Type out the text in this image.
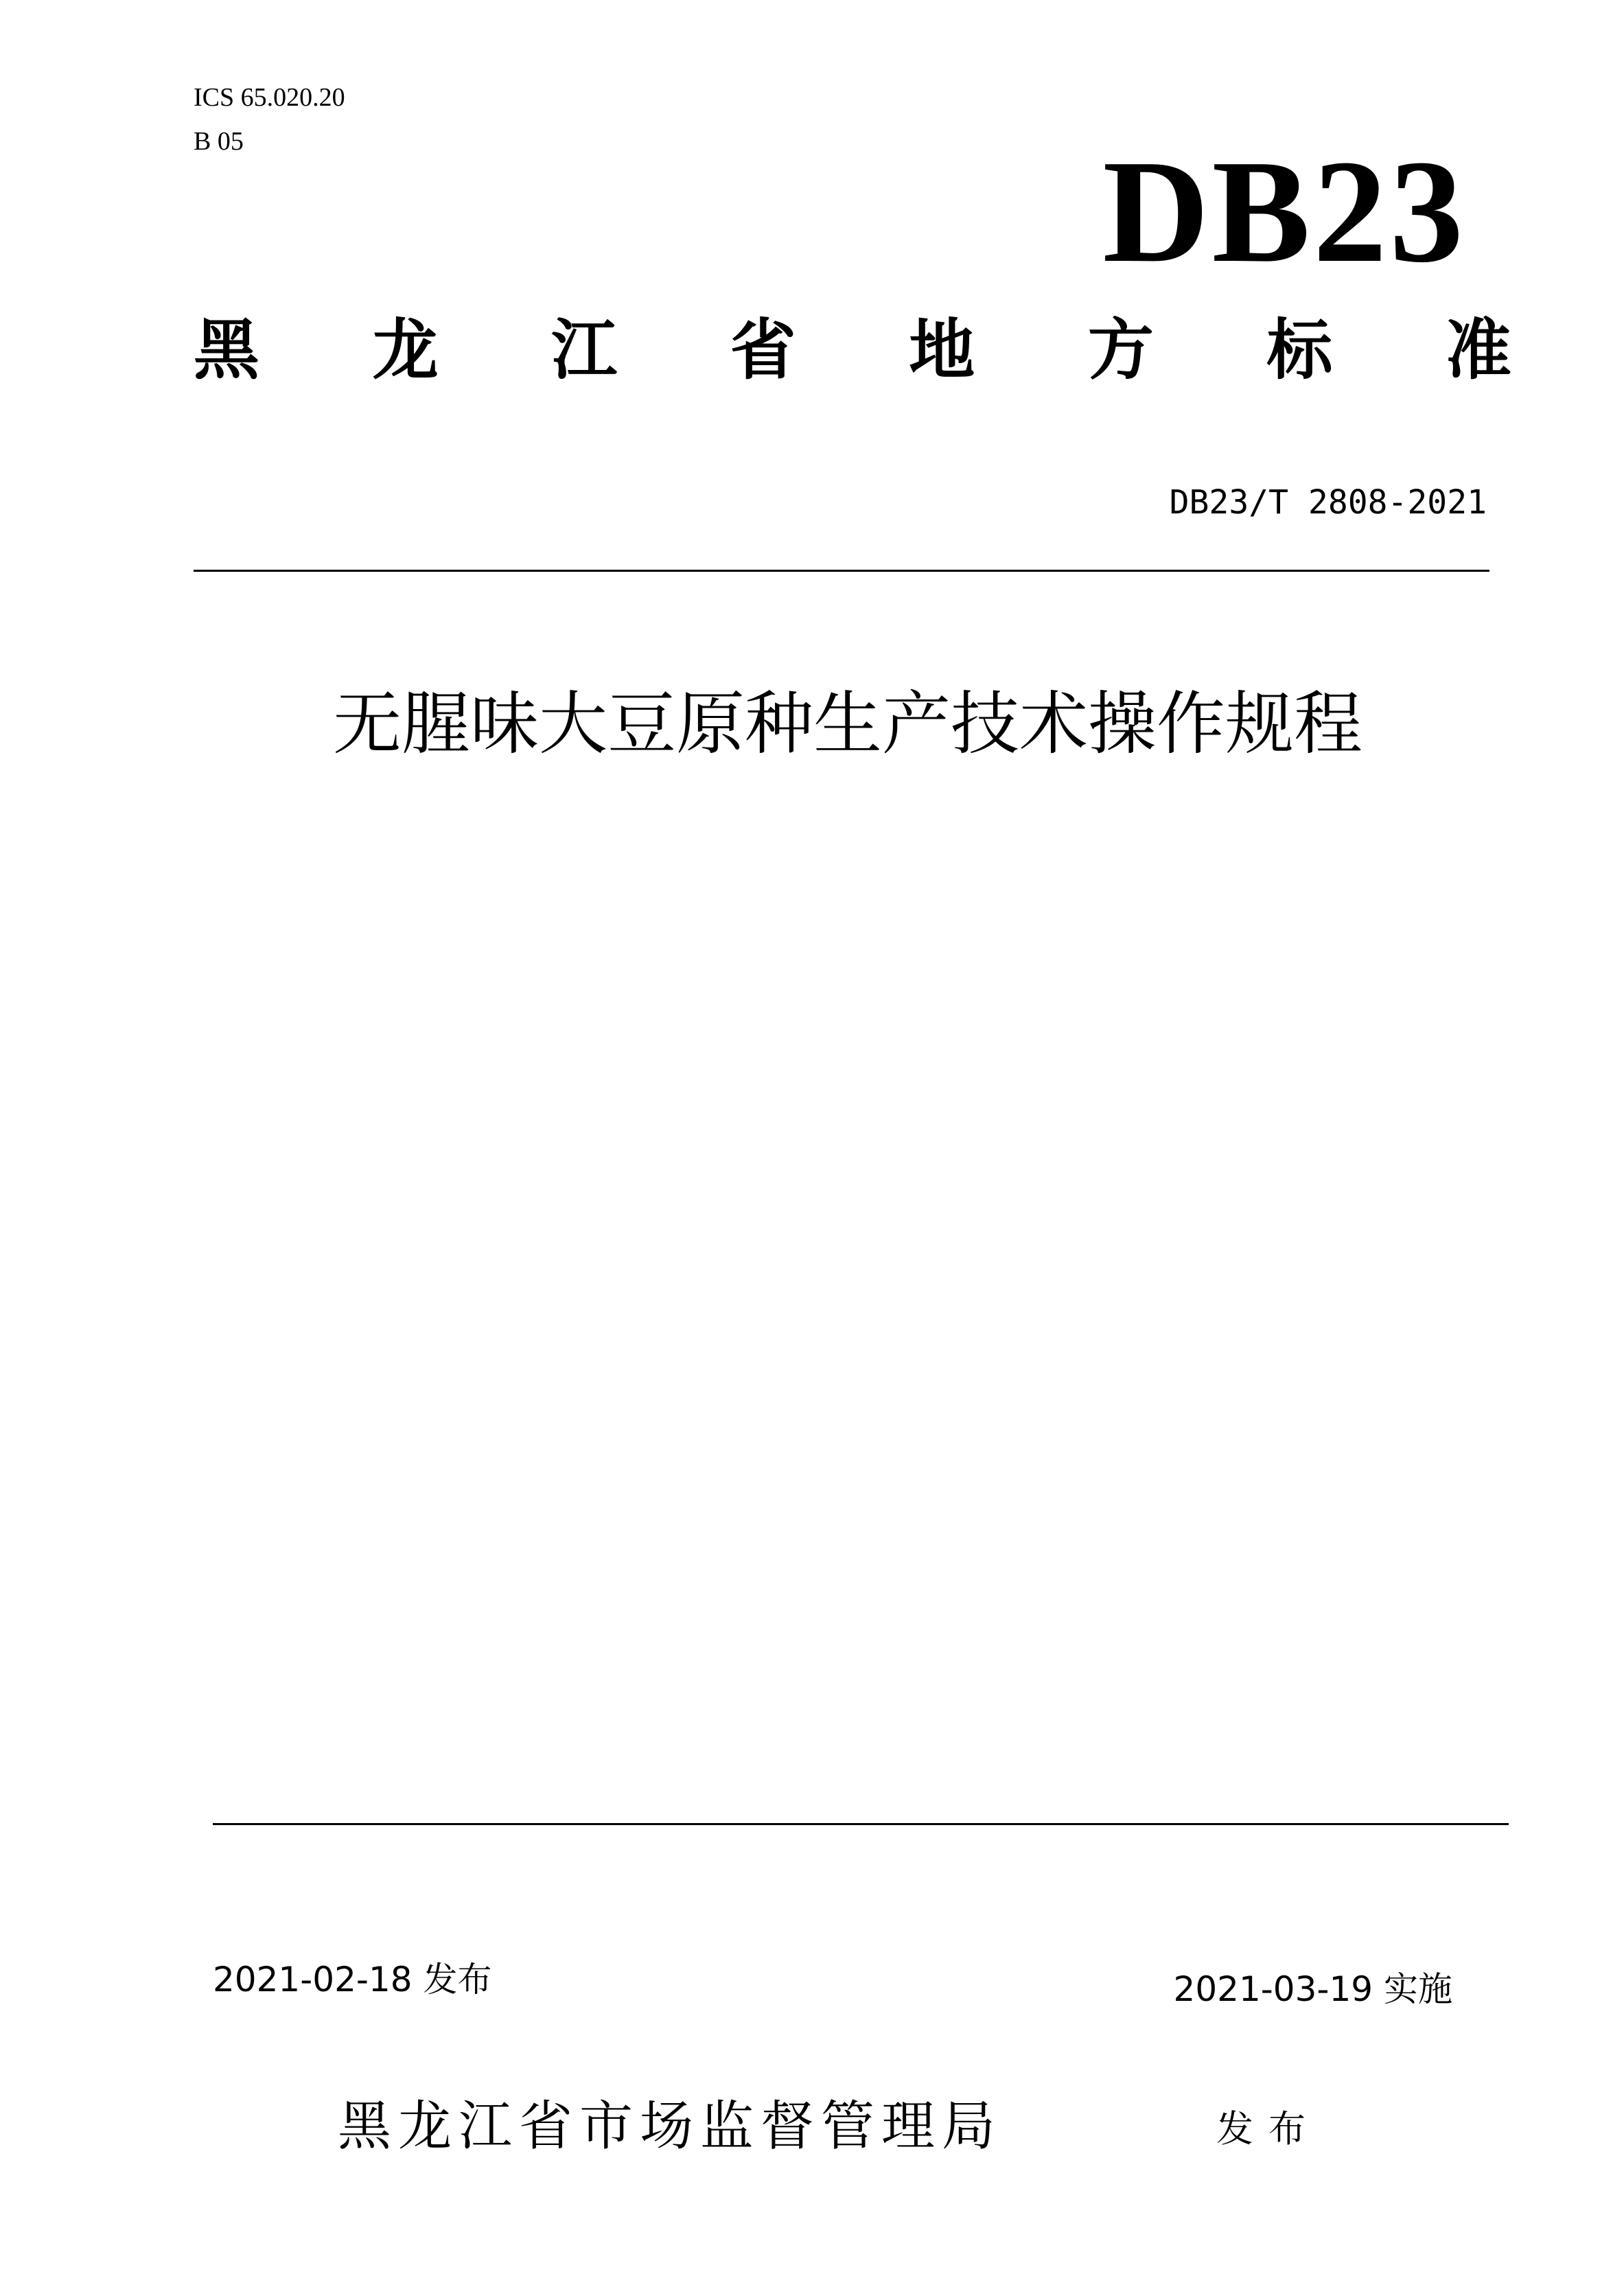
ICS 65.020.20
B 05	DB23
黑 龙 江 省 地 方 标 准
DB23/T 2808-2021
无腥味大豆原种生产技术操作规程
2021-02-18 发布	2021-03-19 实施
黑龙江省市场监督管理局	发布
